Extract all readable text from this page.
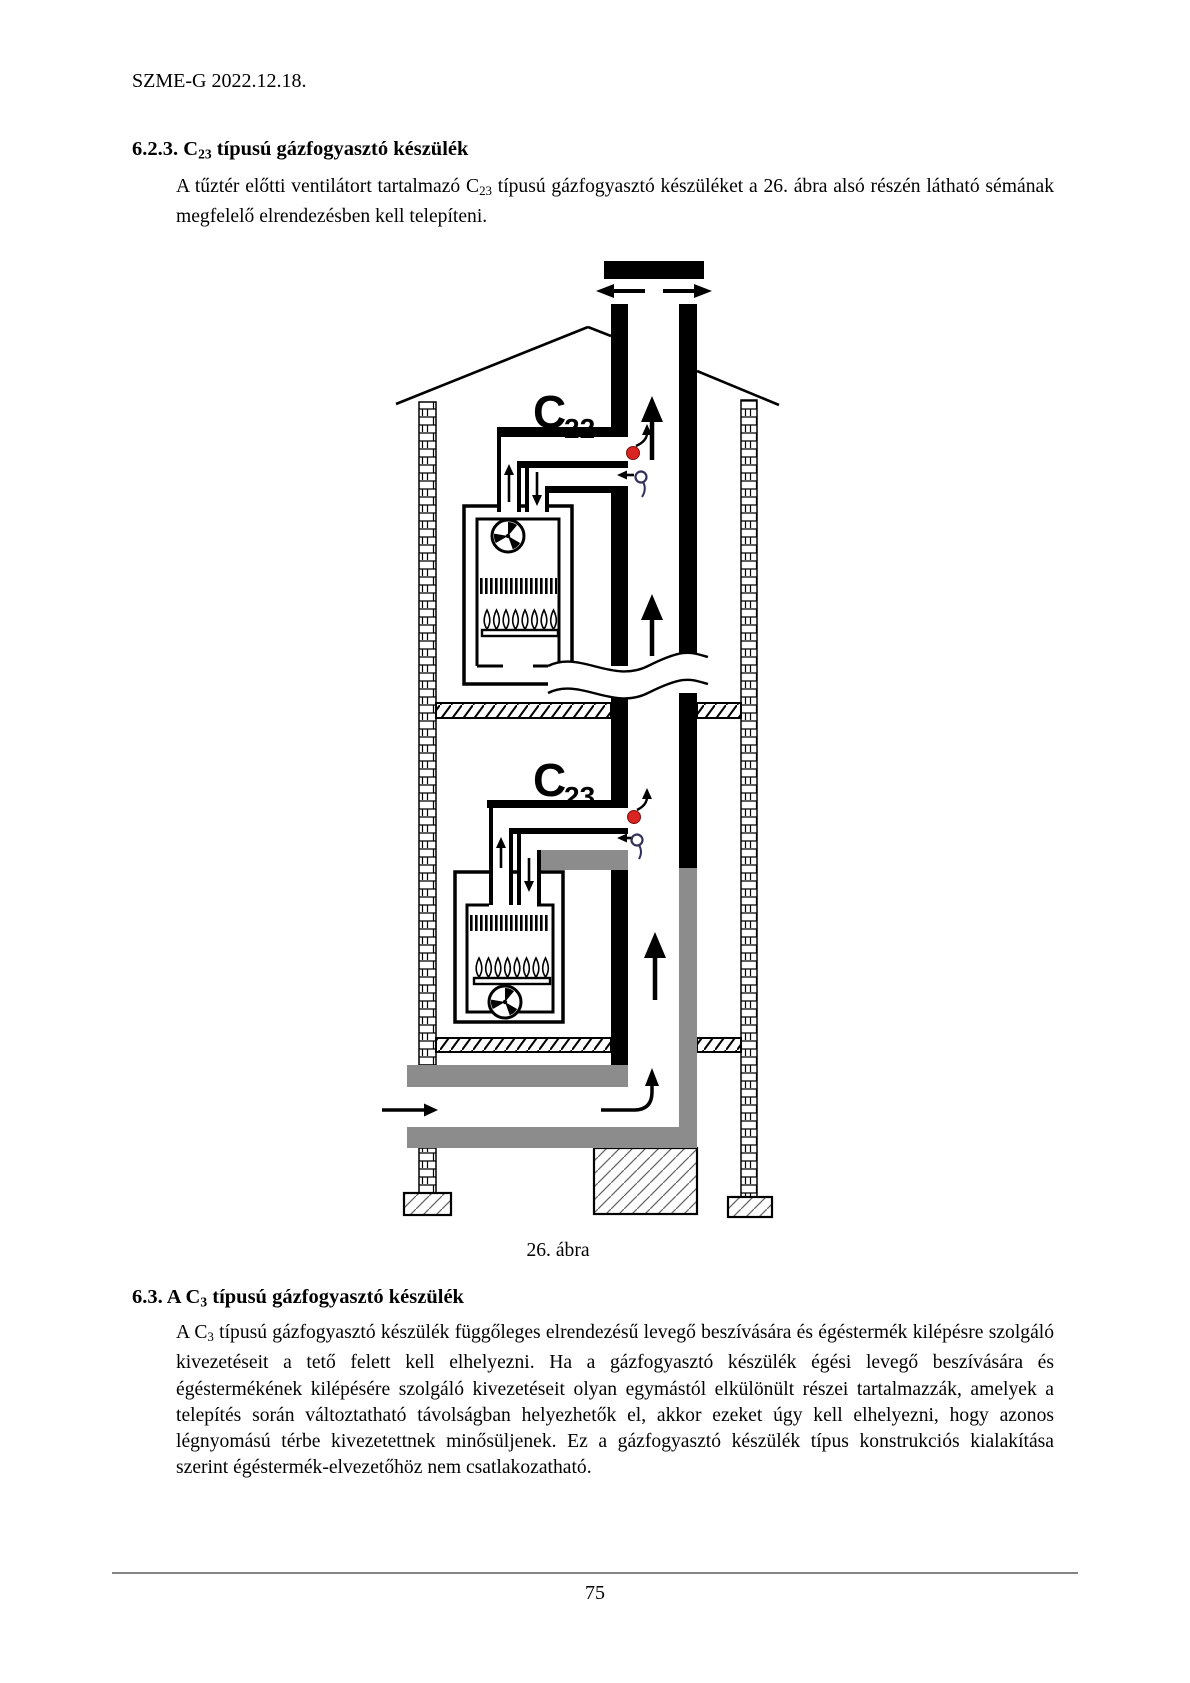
SZME-G 2022.12.18.
6.2.3. $C_{23}$ típusú gázfogyasztó készülék
A tűztér előtti ventilátort tartalmazó $C_{23}$ típusú gázfogyasztó készüléket a 26. ábra alsó részén látható sémának megfelelő elrendezésben kell telepíteni.
C 22
C 23
26. ábra
6.3. A $C_3$ típusú gázfogyasztó készülék
A $C_3$ típusú gázfogyasztó készülék függőleges elrendezésű levegő beszívására és égéstermék kilépésre szolgáló kivezetéseit a tető felett kell elhelyezni. Ha a gázfogyasztó készülék égési levegő beszívására és égéstermékének kilépésére szolgáló kivezetéseit olyan egymástól elkülönült részei tartalmazzák, amelyek a telepítés során változtatható távolságban helyezhetők el, akkor ezeket úgy kell elhelyezni, hogy azonos légnyomású térbe kivezetettnek minősüljenek. Ez a gázfogyasztó készülék típus konstrukciós kialakítása szerint égéstermék-elvezetőhöz nem csatlakozatható.
75
